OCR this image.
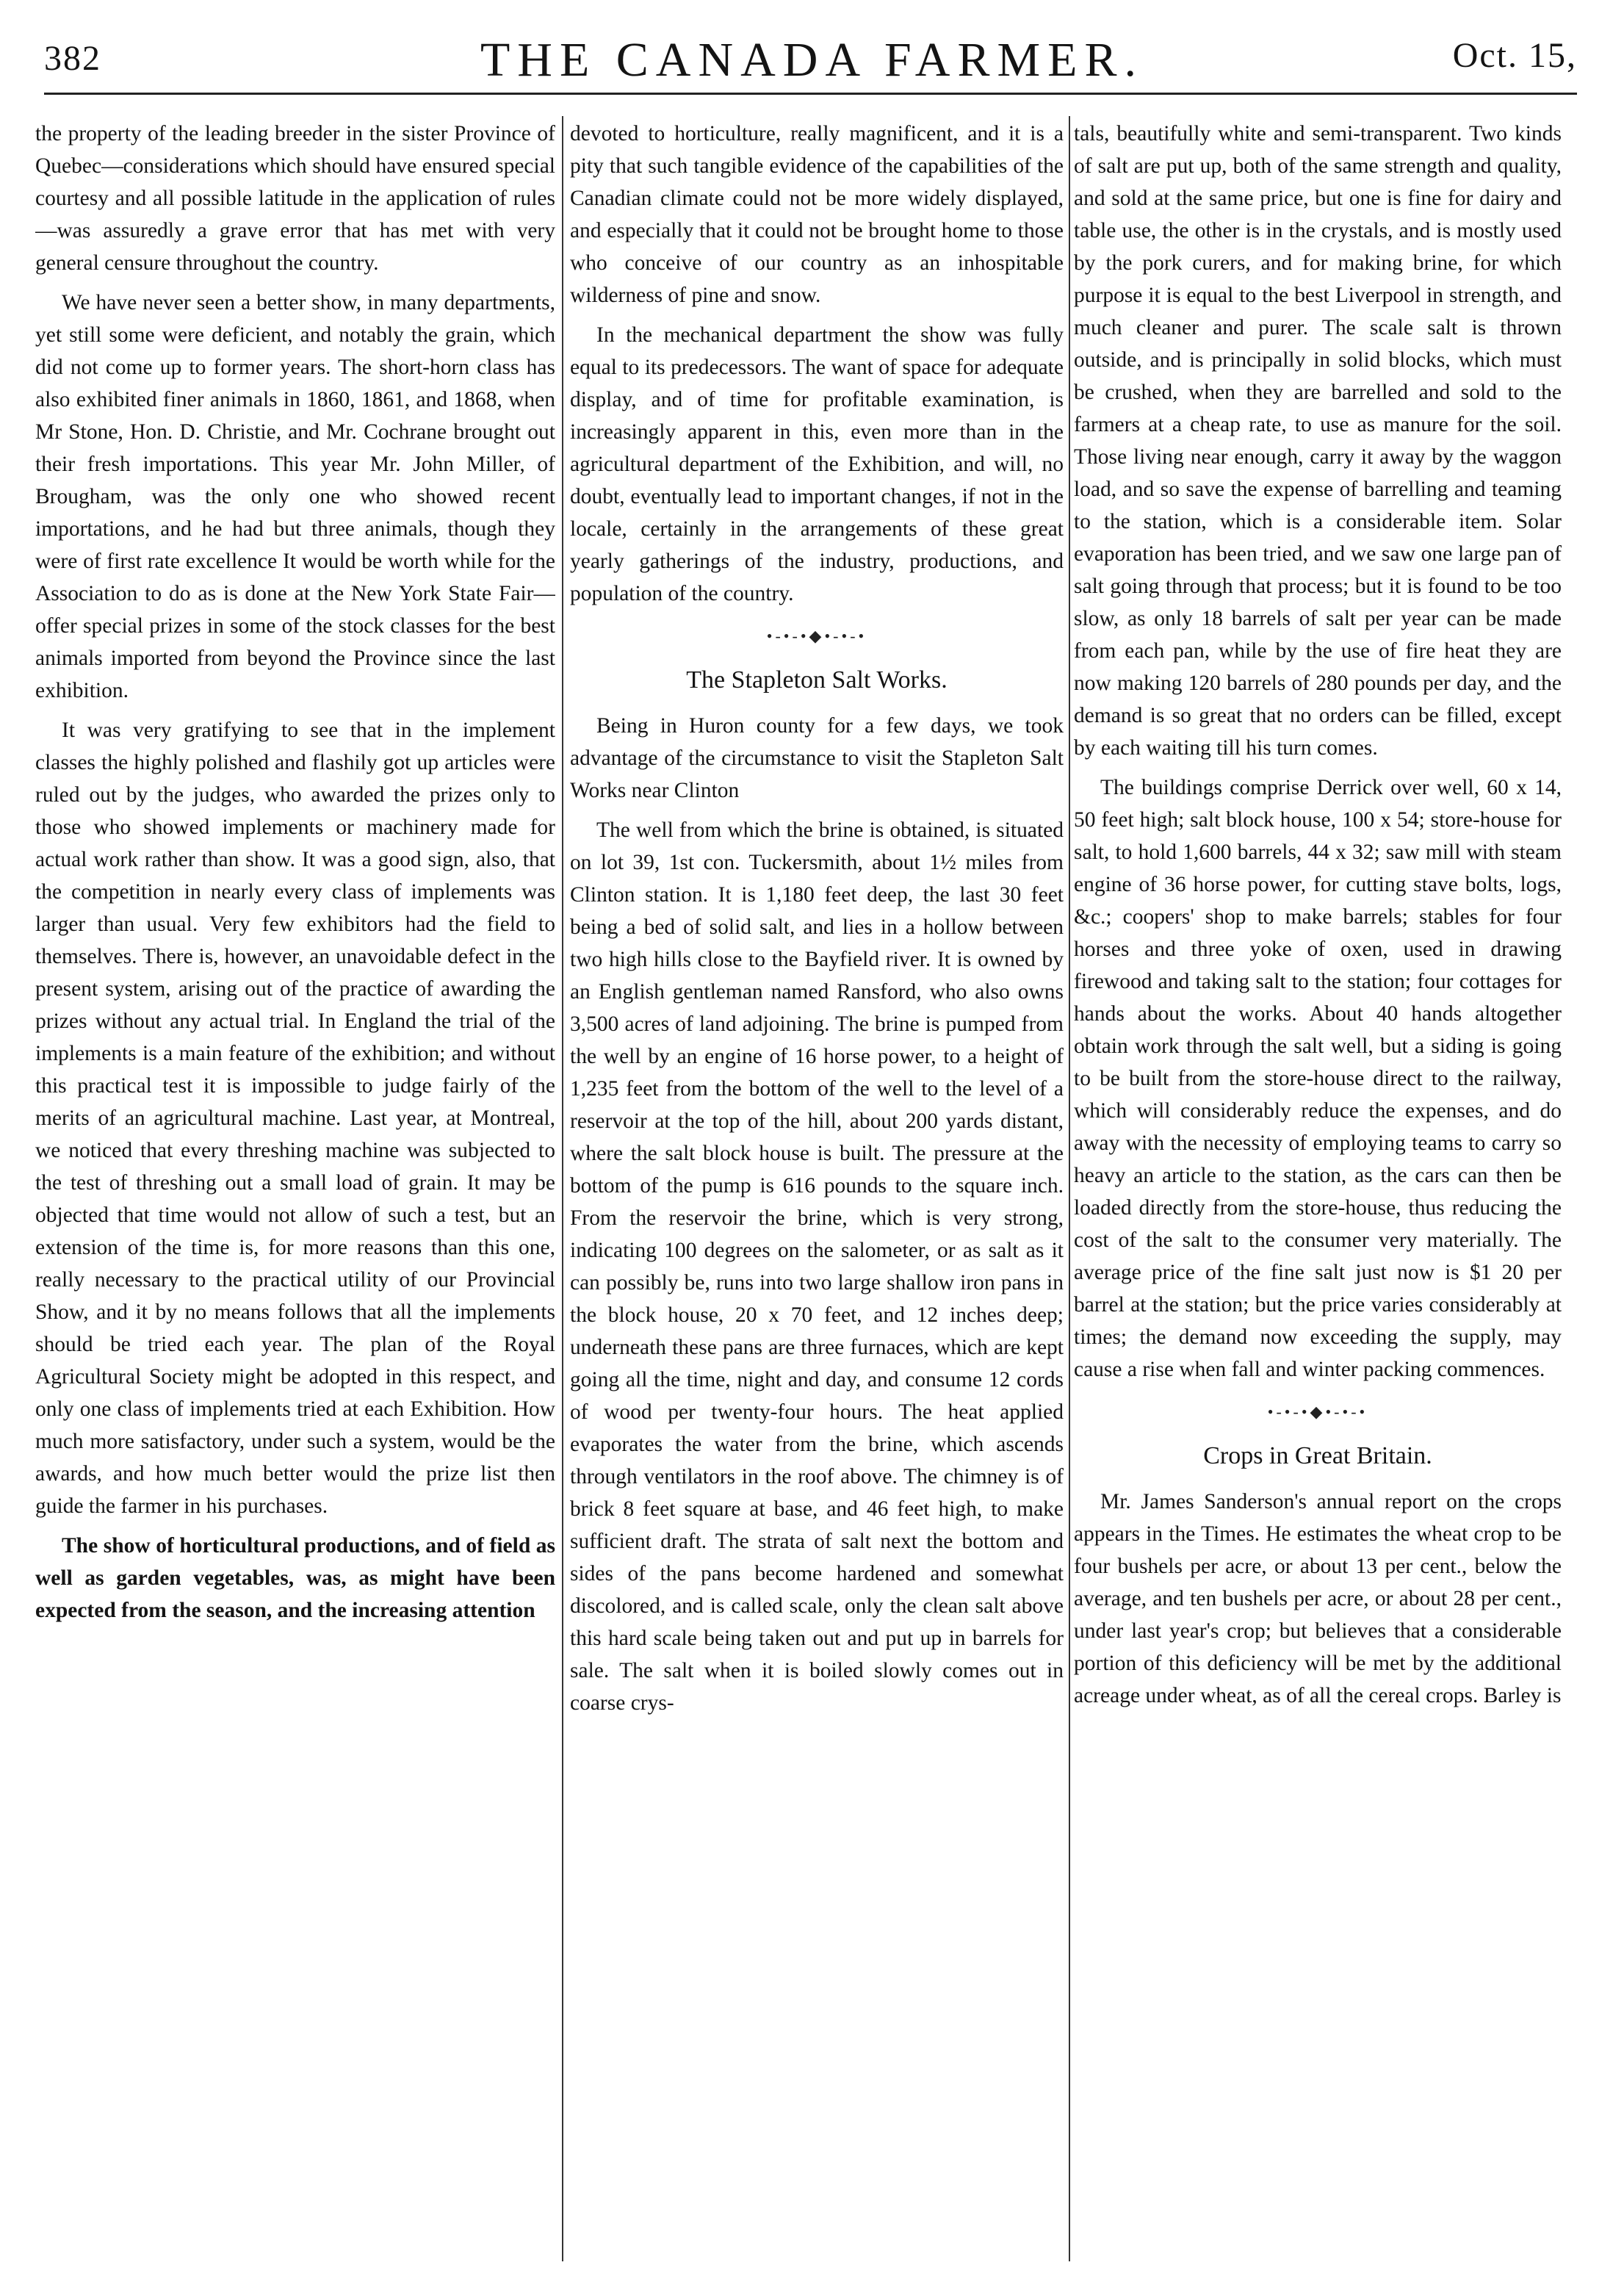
382	THE CANADA FARMER.	Oct. 15,

the property of the leading breeder in the sister Province of Quebec—considerations which should have ensured special courtesy and all possible latitude in the application of rules—was assuredly a grave error that has met with very general censure throughout the country.

We have never seen a better show, in many departments, yet still some were deficient, and notably the grain, which did not come up to former years. The short-horn class has also exhibited finer animals in 1860, 1861, and 1868, when Mr Stone, Hon. D. Christie, and Mr. Cochrane brought out their fresh importations. This year Mr. John Miller, of Brougham, was the only one who showed recent importations, and he had but three animals, though they were of first rate excellence It would be worth while for the Association to do as is done at the New York State Fair—offer special prizes in some of the stock classes for the best animals imported from beyond the Province since the last exhibition.

It was very gratifying to see that in the implement classes the highly polished and flashily got up articles were ruled out by the judges, who awarded the prizes only to those who showed implements or machinery made for actual work rather than show. It was a good sign, also, that the competition in nearly every class of implements was larger than usual. Very few exhibitors had the field to themselves. There is, however, an unavoidable defect in the present system, arising out of the practice of awarding the prizes without any actual trial. In England the trial of the implements is a main feature of the exhibition; and without this practical test it is impossible to judge fairly of the merits of an agricultural machine. Last year, at Montreal, we noticed that every threshing machine was subjected to the test of threshing out a small load of grain. It may be objected that time would not allow of such a test, but an extension of the time is, for more reasons than this one, really necessary to the practical utility of our Provincial Show, and it by no means follows that all the implements should be tried each year. The plan of the Royal Agricultural Society might be adopted in this respect, and only one class of implements tried at each Exhibition. How much more satisfactory, under such a system, would be the awards, and how much better would the prize list then guide the farmer in his purchases.

The show of horticultural productions, and of field as well as garden vegetables, was, as might have been expected from the season, and the increasing attention

devoted to horticulture, really magnificent, and it is a pity that such tangible evidence of the capabilities of the Canadian climate could not be more widely displayed, and especially that it could not be brought home to those who conceive of our country as an inhospitable wilderness of pine and snow.

In the mechanical department the show was fully equal to its predecessors. The want of space for adequate display, and of time for profitable examination, is increasingly apparent in this, even more than in the agricultural department of the Exhibition, and will, no doubt, eventually lead to important changes, if not in the locale, certainly in the arrangements of these great yearly gatherings of the industry, productions, and population of the country.

•-•-•◆•-•-•
The Stapleton Salt Works.

Being in Huron county for a few days, we took advantage of the circumstance to visit the Stapleton Salt Works near Clinton

The well from which the brine is obtained, is situated on lot 39, 1st con. Tuckersmith, about 1½ miles from Clinton station. It is 1,180 feet deep, the last 30 feet being a bed of solid salt, and lies in a hollow between two high hills close to the Bayfield river. It is owned by an English gentleman named Ransford, who also owns 3,500 acres of land adjoining. The brine is pumped from the well by an engine of 16 horse power, to a height of 1,235 feet from the bottom of the well to the level of a reservoir at the top of the hill, about 200 yards distant, where the salt block house is built. The pressure at the bottom of the pump is 616 pounds to the square inch. From the reservoir the brine, which is very strong, indicating 100 degrees on the salometer, or as salt as it can possibly be, runs into two large shallow iron pans in the block house, 20 x 70 feet, and 12 inches deep; underneath these pans are three furnaces, which are kept going all the time, night and day, and consume 12 cords of wood per twenty-four hours. The heat applied evaporates the water from the brine, which ascends through ventilators in the roof above. The chimney is of brick 8 feet square at base, and 46 feet high, to make sufficient draft. The strata of salt next the bottom and sides of the pans become hardened and somewhat discolored, and is called scale, only the clean salt above this hard scale being taken out and put up in barrels for sale. The salt when it is boiled slowly comes out in coarse crys-

tals, beautifully white and semi-transparent. Two kinds of salt are put up, both of the same strength and quality, and sold at the same price, but one is fine for dairy and table use, the other is in the crystals, and is mostly used by the pork curers, and for making brine, for which purpose it is equal to the best Liverpool in strength, and much cleaner and purer. The scale salt is thrown outside, and is principally in solid blocks, which must be crushed, when they are barrelled and sold to the farmers at a cheap rate, to use as manure for the soil. Those living near enough, carry it away by the waggon load, and so save the expense of barrelling and teaming to the station, which is a considerable item. Solar evaporation has been tried, and we saw one large pan of salt going through that process; but it is found to be too slow, as only 18 barrels of salt per year can be made from each pan, while by the use of fire heat they are now making 120 barrels of 280 pounds per day, and the demand is so great that no orders can be filled, except by each waiting till his turn comes.

The buildings comprise Derrick over well, 60 x 14, 50 feet high; salt block house, 100 x 54; store-house for salt, to hold 1,600 barrels, 44 x 32; saw mill with steam engine of 36 horse power, for cutting stave bolts, logs, &c.; coopers' shop to make barrels; stables for four horses and three yoke of oxen, used in drawing firewood and taking salt to the station; four cottages for hands about the works. About 40 hands altogether obtain work through the salt well, but a siding is going to be built from the store-house direct to the railway, which will considerably reduce the expenses, and do away with the necessity of employing teams to carry so heavy an article to the station, as the cars can then be loaded directly from the store-house, thus reducing the cost of the salt to the consumer very materially. The average price of the fine salt just now is $1 20 per barrel at the station; but the price varies considerably at times; the demand now exceeding the supply, may cause a rise when fall and winter packing commences.

•-•-•◆•-•-•
Crops in Great Britain.

Mr. James Sanderson's annual report on the crops appears in the Times. He estimates the wheat crop to be four bushels per acre, or about 13 per cent., below the average, and ten bushels per acre, or about 28 per cent., under last year's crop; but believes that a considerable portion of this deficiency will be met by the additional acreage under wheat, as of all the cereal crops. Barley is
